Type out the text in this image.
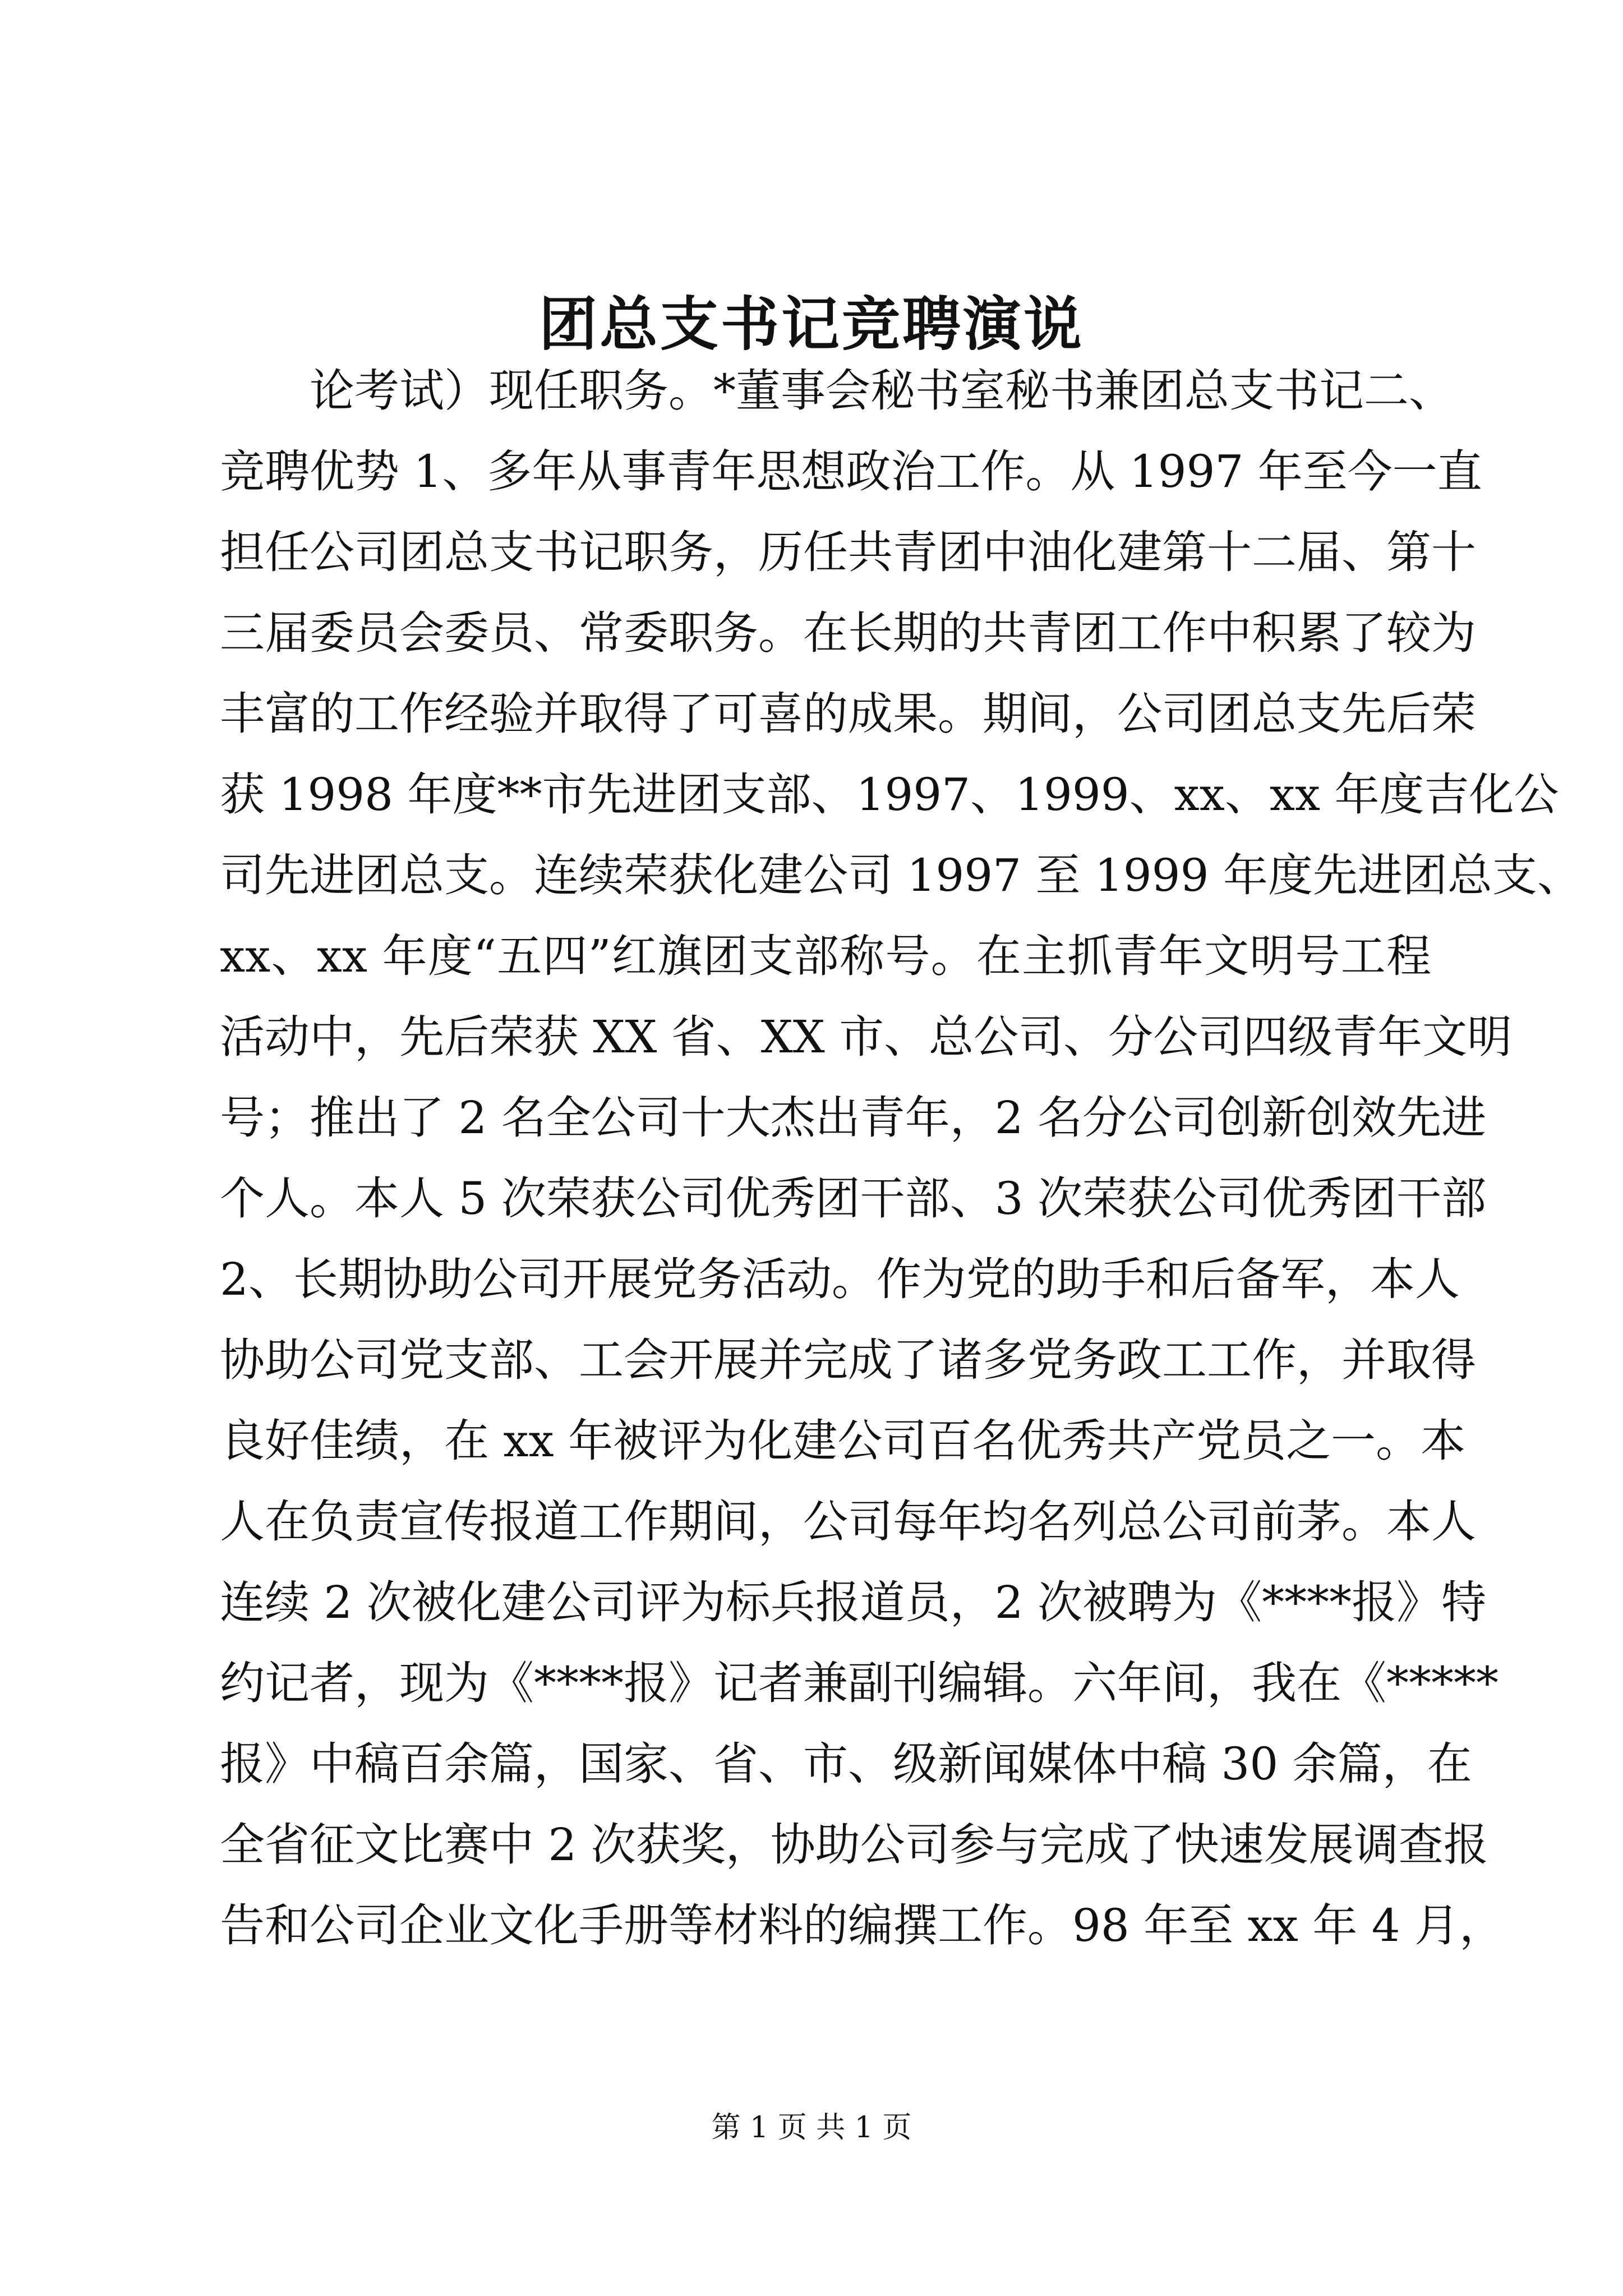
团总支书记竞聘演说
论考试）现任职务。*董事会秘书室秘书兼团总支书记二、
竞聘优势 1、多年从事青年思想政治工作。从 1997 年至今一直
担任公司团总支书记职务，历任共青团中油化建第十二届、第十
三届委员会委员、常委职务。在长期的共青团工作中积累了较为
丰富的工作经验并取得了可喜的成果。期间，公司团总支先后荣
获 1998 年度**市先进团支部、1997、1999、xx、xx 年度吉化公
司先进团总支。连续荣获化建公司 1997 至 1999 年度先进团总支、
xx、xx 年度“五四”红旗团支部称号。在主抓青年文明号工程
活动中，先后荣获 XX 省、XX 市、总公司、分公司四级青年文明
号；推出了 2 名全公司十大杰出青年，2 名分公司创新创效先进
个人。本人 5 次荣获公司优秀团干部、3 次荣获公司优秀团干部
2、长期协助公司开展党务活动。作为党的助手和后备军，本人
协助公司党支部、工会开展并完成了诸多党务政工工作，并取得
良好佳绩，在 xx 年被评为化建公司百名优秀共产党员之一。本
人在负责宣传报道工作期间，公司每年均名列总公司前茅。本人
连续 2 次被化建公司评为标兵报道员，2 次被聘为《****报》特
约记者，现为《****报》记者兼副刊编辑。六年间，我在《*****
报》中稿百余篇，国家、省、市、级新闻媒体中稿 30 余篇，在
全省征文比赛中 2 次获奖，协助公司参与完成了快速发展调查报
告和公司企业文化手册等材料的编撰工作。98 年至 xx 年 4 月，
第 1 页 共 1 页
